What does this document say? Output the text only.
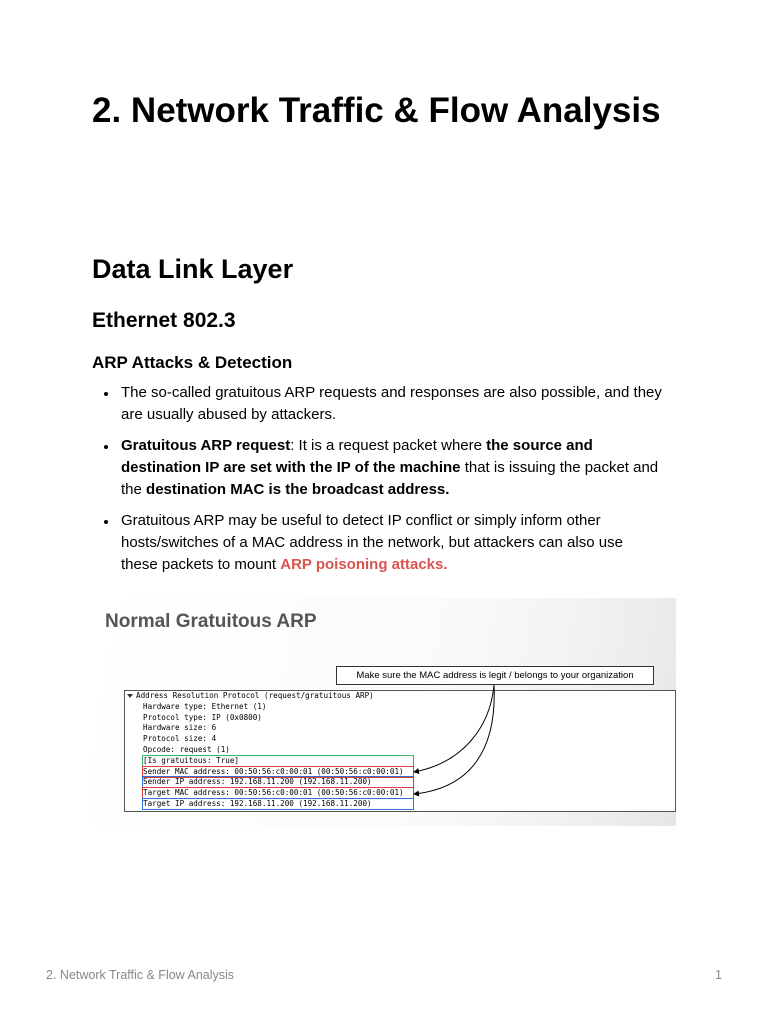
2. Network Traffic & Flow Analysis
Data Link Layer
Ethernet 802.3
ARP Attacks & Detection
The so-called gratuitous ARP requests and responses are also possible, and they are usually abused by attackers.
Gratuitous ARP request: It is a request packet where the source and destination IP are set with the IP of the machine that is issuing the packet and the destination MAC is the broadcast address.
Gratuitous ARP may be useful to detect IP conflict or simply inform other hosts/switches of a MAC address in the network, but attackers can also use these packets to mount ARP poisoning attacks.
Normal Gratuitous ARP
Make sure the MAC address is legit / belongs to your organization
Address Resolution Protocol (request/gratuitous ARP)
Hardware type: Ethernet (1)
Protocol type: IP (0x0800)
Hardware size: 6
Protocol size: 4
Opcode: request (1)
[Is gratuitous: True]
Sender MAC address: 00:50:56:c0:00:01 (00:50:56:c0:00:01)
Sender IP address: 192.168.11.200 (192.168.11.200)
Target MAC address: 00:50:56:c0:00:01 (00:50:56:c0:00:01)
Target IP address: 192.168.11.200 (192.168.11.200)
2. Network Traffic & Flow Analysis	1
